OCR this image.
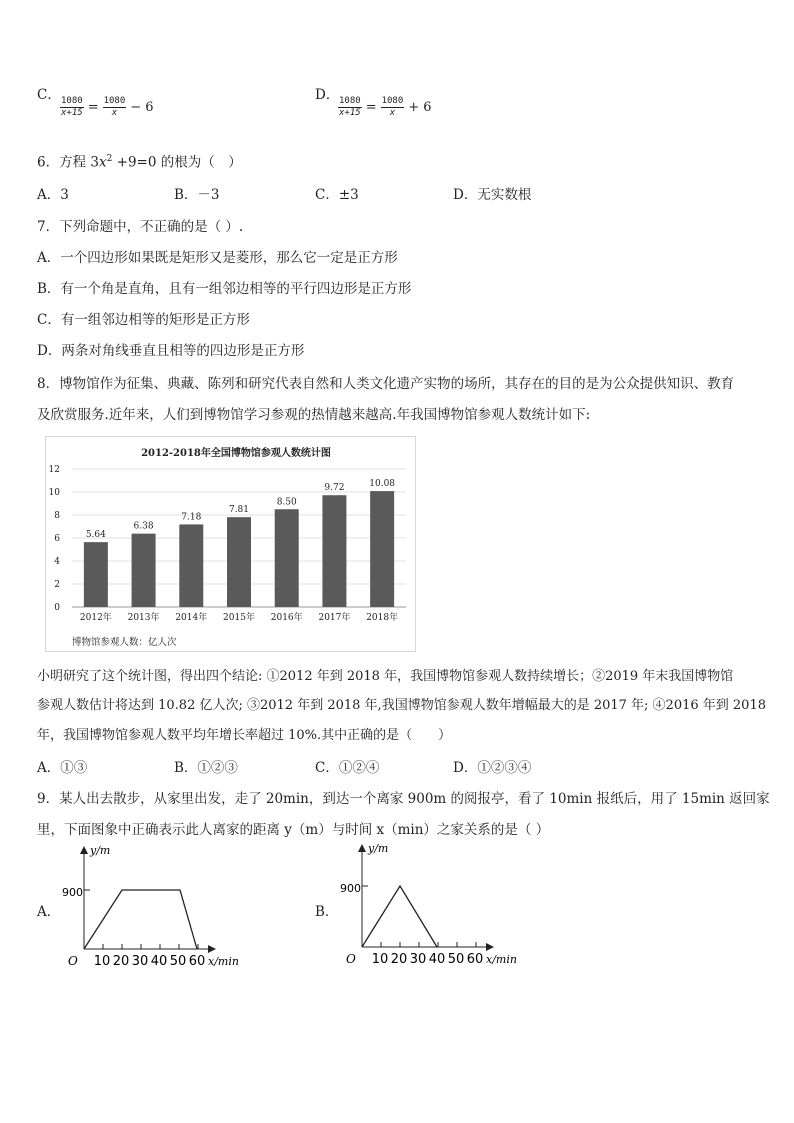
C．
$\frac{1080}{x+15} = \frac{1080}{x} - 6$
D．
$\frac{1080}{x+15} = \frac{1080}{x} + 6$
6．方程 $3x^2 +9=0$ 的根为（　）
A．3	B．－3	C．±3	D．无实数根
7．下列命题中，不正确的是（ ）.
A．一个四边形如果既是矩形又是菱形，那么它一定是正方形
B．有一个角是直角，且有一组邻边相等的平行四边形是正方形
C．有一组邻边相等的矩形是正方形
D．两条对角线垂直且相等的四边形是正方形
8．博物馆作为征集、典藏、陈列和研究代表自然和人类文化遗产实物的场所，其存在的目的是为公众提供知识、教育
及欣赏服务.近年来，人们到博物馆学习参观的热情越来越高.年我国博物馆参观人数统计如下:
2012-2018年全国博物馆参观人数统计图
0
2
4
6
8
10
12
5.64
2012年
6.38
2013年
7.18
2014年
7.81
2015年
8.50
2016年
9.72
2017年
10.08
2018年
博物馆参观人数：亿人次
小明研究了这个统计图，得出四个结论: ①2012 年到 2018 年，我国博物馆参观人数持续增长；②2019 年末我国博物馆
参观人数估计将达到 10.82 亿人次; ③2012 年到 2018 年,我国博物馆参观人数年增幅最大的是 2017 年; ④2016 年到 2018
年，我国博物馆参观人数平均年增长率超过 10%.其中正确的是（　　）
A．①③	B．①②③	C．①②④	D．①②③④
9．某人出去散步，从家里出发，走了 20min，到达一个离家 900m 的阅报亭，看了 10min 报纸后，用了 15min 返回家
里，下面图象中正确表示此人离家的距离 y（m）与时间 x（min）之家关系的是（ ）
A．
y/m
900
O 10 20 30 40 50 60 x/min
B．
y/m
900
O 10 20 30 40 50 60 x/min
